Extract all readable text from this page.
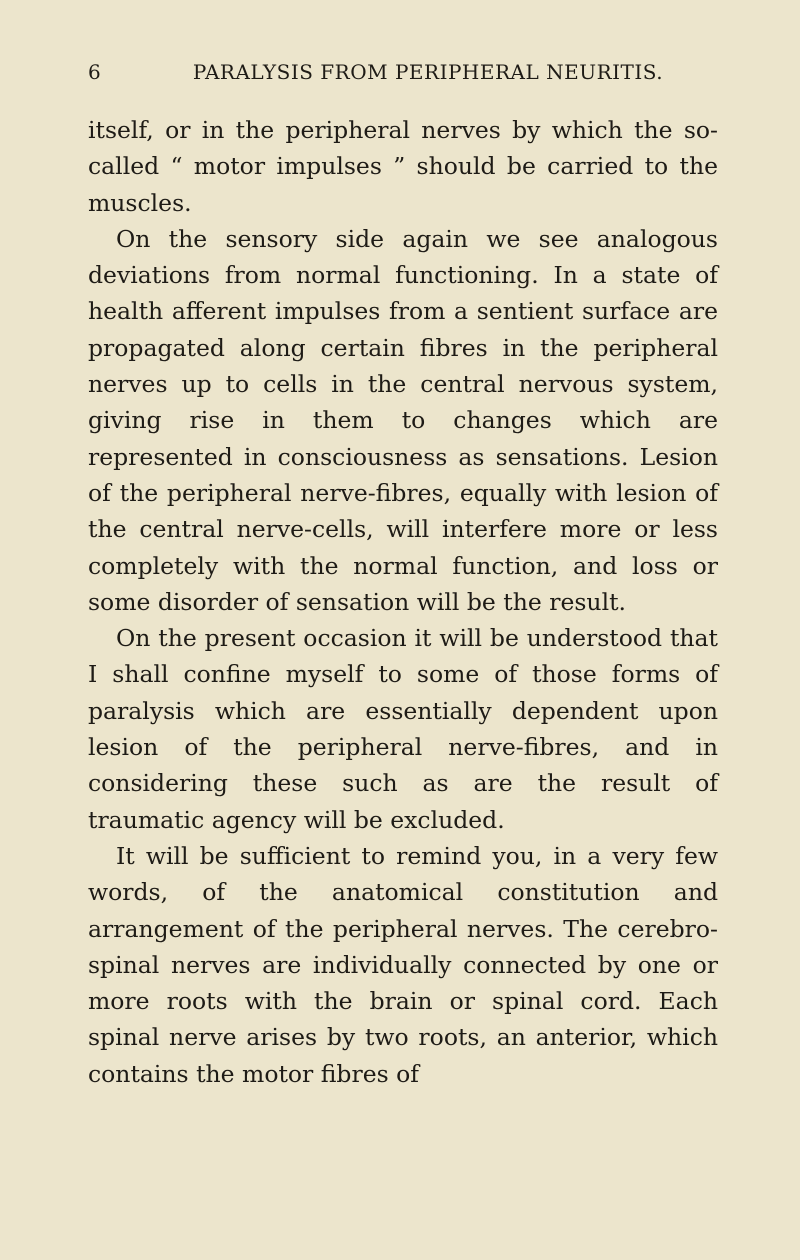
6	PARALYSIS FROM PERIPHERAL NEURITIS.

itself, or in the peripheral nerves by which the so-called “ motor impulses ” should be carried to the muscles.

On the sensory side again we see analogous deviations from normal functioning. In a state of health afferent impulses from a sentient surface are propagated along certain fibres in the peripheral nerves up to cells in the central nervous system, giving rise in them to changes which are represented in consciousness as sensations. Lesion of the peripheral nerve-fibres, equally with lesion of the central nerve-cells, will interfere more or less completely with the normal function, and loss or some disorder of sensation will be the result.

On the present occasion it will be understood that I shall confine myself to some of those forms of paralysis which are essentially dependent upon lesion of the peripheral nerve-fibres, and in considering these such as are the result of traumatic agency will be excluded.

It will be sufficient to remind you, in a very few words, of the anatomical constitution and arrangement of the peripheral nerves. The cerebro-spinal nerves are individually connected by one or more roots with the brain or spinal cord. Each spinal nerve arises by two roots, an anterior, which contains the motor fibres of
